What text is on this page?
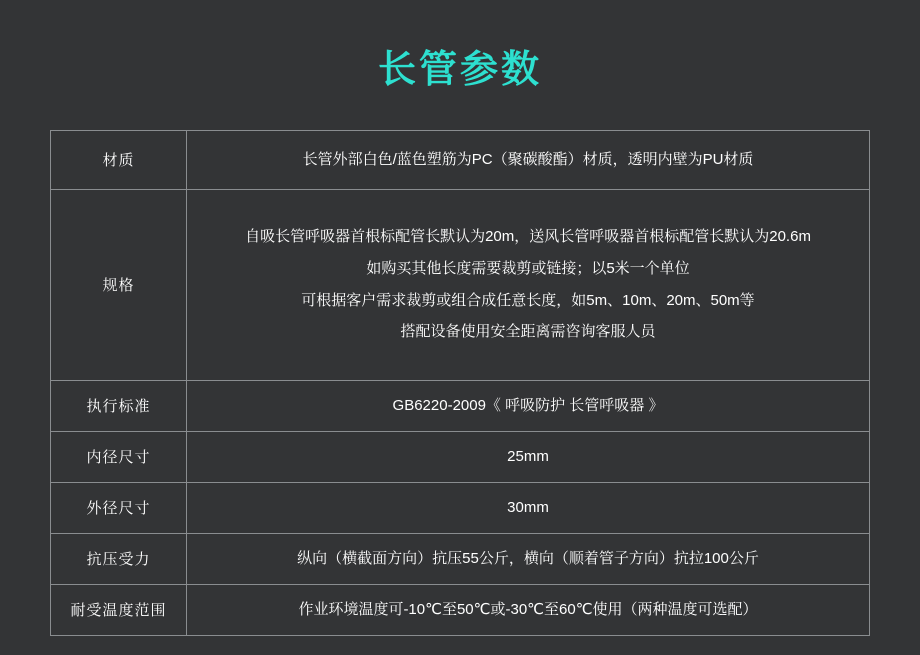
长管参数
材质	长管外部白色/蓝色塑筋为PC（聚碳酸酯）材质，透明内壁为PU材质

规格	自吸长管呼吸器首根标配管长默认为20m，送风长管呼吸器首根标配管长默认为20.6m
如购买其他长度需要裁剪或链接；以5米一个单位
可根据客户需求裁剪或组合成任意长度，如5m、10m、20m、50m等
搭配设备使用安全距离需咨询客服人员

执行标准	GB6220-2009《 呼吸防护 长管呼吸器 》

内径尺寸	25mm

外径尺寸	30mm

抗压受力	纵向（横截面方向）抗压55公斤，横向（顺着管子方向）抗拉100公斤

耐受温度范围	作业环境温度可-10℃至50℃或-30℃至60℃使用（两种温度可选配）
